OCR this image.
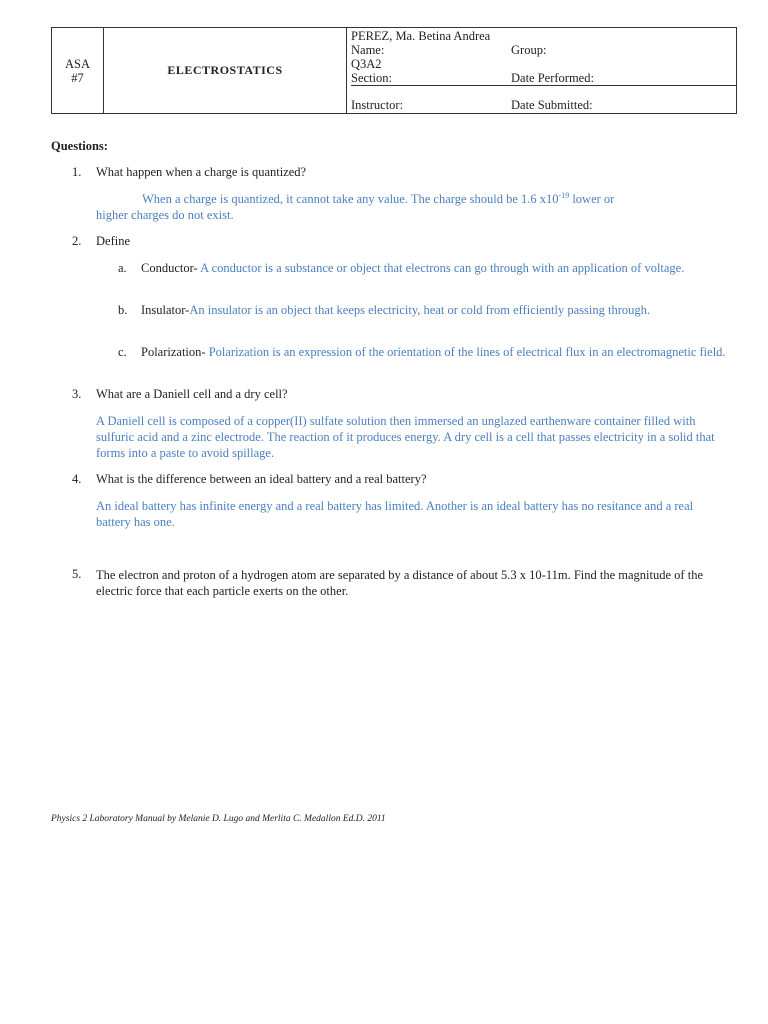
ASA
#7
	ELECTROSTATICS	
PEREZ, Ma. Betina Andrea
Name:	Group:
Q3A2
Section:	Date Performed:
Instructor:	Date Submitted:
Questions:
1. What happen when a charge is quantized?
When a charge is quantized, it cannot take any value. The charge should be 1.6 $x10^{-19}$ lower or
higher charges do not exist.
2. Define
a. Conductor- A conductor is a substance or object that electrons can go through with an application of voltage.
b. Insulator-An insulator is an object that keeps electricity, heat or cold from efficiently passing through.
c. Polarization- Polarization is an expression of the orientation of the lines of electrical flux in an electromagnetic field.
3. What are a Daniell cell and a dry cell?
A Daniell cell is composed of a copper(II) sulfate solution then immersed an unglazed earthenware container filled with sulfuric acid and a zinc electrode. The reaction of it produces energy. A dry cell is a cell that passes electricity in a solid that forms into a paste to avoid spillage.
4. What is the difference between an ideal battery and a real battery?
An ideal battery has infinite energy and a real battery has limited. Another is an ideal battery has no resitance and a real battery has one.
5. The electron and proton of a hydrogen atom are separated by a distance of about 5.3 x 10-11m. Find the magnitude of the electric force that each particle exerts on the other.
Physics 2 Laboratory Manual by Melanie D. Lugo and Merlita C. Medallon Ed.D. 2011
